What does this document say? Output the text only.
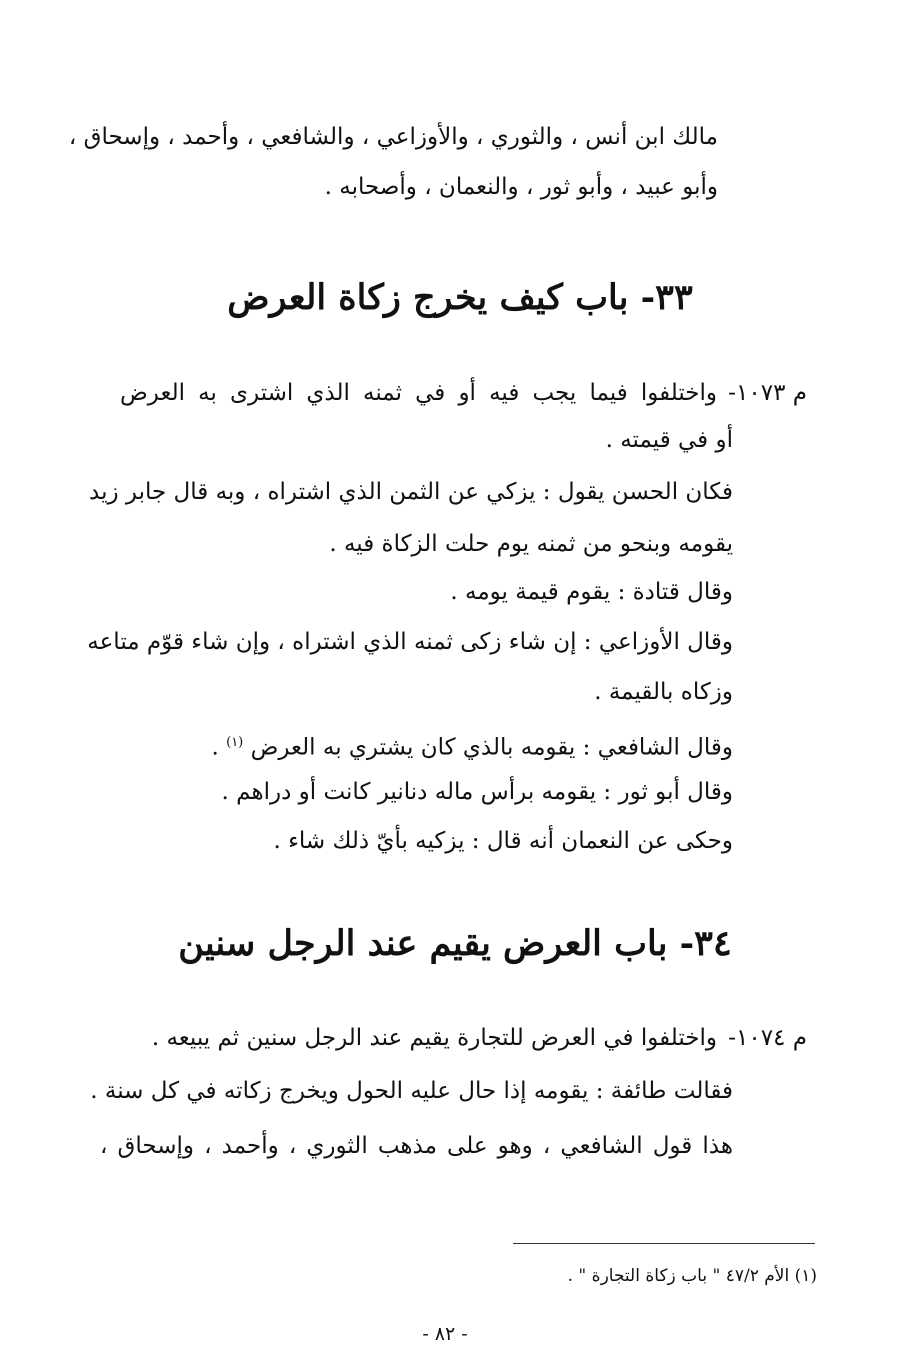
مالك ابن أنس ، والثوري ، والأوزاعي ، والشافعي ، وأحمد ، وإسحاق ،
وأبو عبيد ، وأبو ثور ، والنعمان ، وأصحابه .
٣٣- باب كيف يخرج زكاة العرض
م ١٠٧٣-
واختلفوا فيما يجب فيه أو في ثمنه الذي اشترى به العرض
أو في قيمته .
فكان الحسن يقول : يزكي عن الثمن الذي اشتراه ، وبه قال جابر زيد
يقومه وبنحو من ثمنه يوم حلت الزكاة فيه .
وقال قتادة : يقوم قيمة يومه .
وقال الأوزاعي : إن شاء زكى ثمنه الذي اشتراه ، وإن شاء قوّم متاعه
وزكاه بالقيمة .
وقال الشافعي : يقومه بالذي كان يشتري به العرض $^{(١)}$ .
وقال أبو ثور : يقومه برأس ماله دنانير كانت أو دراهم .
وحكى عن النعمان أنه قال : يزكيه بأيّ ذلك شاء .
٣٤- باب العرض يقيم عند الرجل سنين
م ١٠٧٤-
واختلفوا في العرض للتجارة يقيم عند الرجل سنين ثم يبيعه .
فقالت طائفة : يقومه إذا حال عليه الحول ويخرج زكاته في كل سنة .
هذا قول الشافعي ، وهو على مذهب الثوري ، وأحمد ، وإسحاق ،
(١) الأم ٤٧/٢ " باب زكاة التجارة " .
- ٨٢ -
